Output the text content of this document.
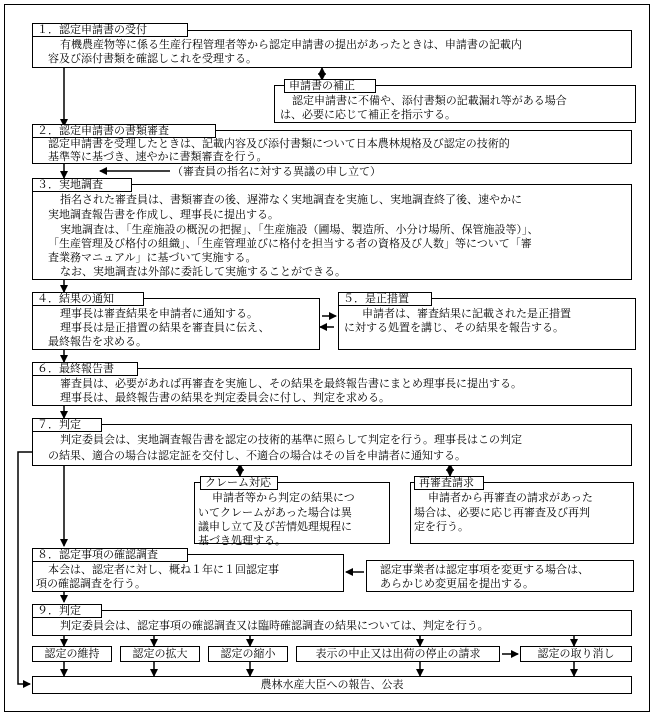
１．認定申請書の受付
有機農産物等に係る生産行程管理者等から認定申請書の提出があったときは、申請書の記載内
容及び添付書類を確認しこれを受理する。
申請書の補正
認定申請書に不備や、添付書類の記載漏れ等がある場合
は、必要に応じて補正を指示する。
２．認定申請書の書類審査
認定申請書を受理したときは、記載内容及び添付書類について日本農林規格及び認定の技術的
基準等に基づき、速やかに書類審査を行う。
（審査員の指名に対する異議の申し立て）
３．実地調査
指名された審査員は、書類審査の後、遅滞なく実地調査を実施し、実地調査終了後、速やかに
実地調査報告書を作成し、理事長に提出する。
実地調査は、「生産施設の概況の把握」、「生産施設（圃場、製造所、小分け場所、保管施設等）」、
「生産管理及び格付の組織」、「生産管理並びに格付を担当する者の資格及び人数」等について「審
査業務マニュアル」に基づいて実施する。
なお、実地調査は外部に委託して実施することができる。
４．結果の通知
理事長は審査結果を申請者に通知する。
理事長は是正措置の結果を審査員に伝え、
最終報告を求める。
５．是正措置
申請者は、審査結果に記載された是正措置
に対する処置を講じ、その結果を報告する。
６．最終報告書
審査員は、必要があれば再審査を実施し、その結果を最終報告書にまとめ理事長に提出する。
理事長は、最終報告書の結果を判定委員会に付し、判定を求める。
７．判定
判定委員会は、実地調査報告書を認定の技術的基準に照らして判定を行う。理事長はこの判定
の結果、適合の場合は認定証を交付し、不適合の場合はその旨を申請者に通知する。
クレーム対応
申請者等から判定の結果につ
いてクレームがあった場合は異
議申し立て及び苦情処理規程に
基づき処理する。
再審査請求
申請者から再審査の請求があった
場合は、必要に応じ再審査及び再判
定を行う。
８．認定事項の確認調査
本会は、認定者に対し、概ね１年に１回認定事
項の確認調査を行う。
認定事業者は認定事項を変更する場合は、
あらかじめ変更届を提出する。
９．判定
判定委員会は、認定事項の確認調査又は臨時確認調査の結果については、判定を行う。
認定の維持	認定の拡大	認定の縮小	表示の中止又は出荷の停止の請求	認定の取り消し
農林水産大臣への報告、公表
